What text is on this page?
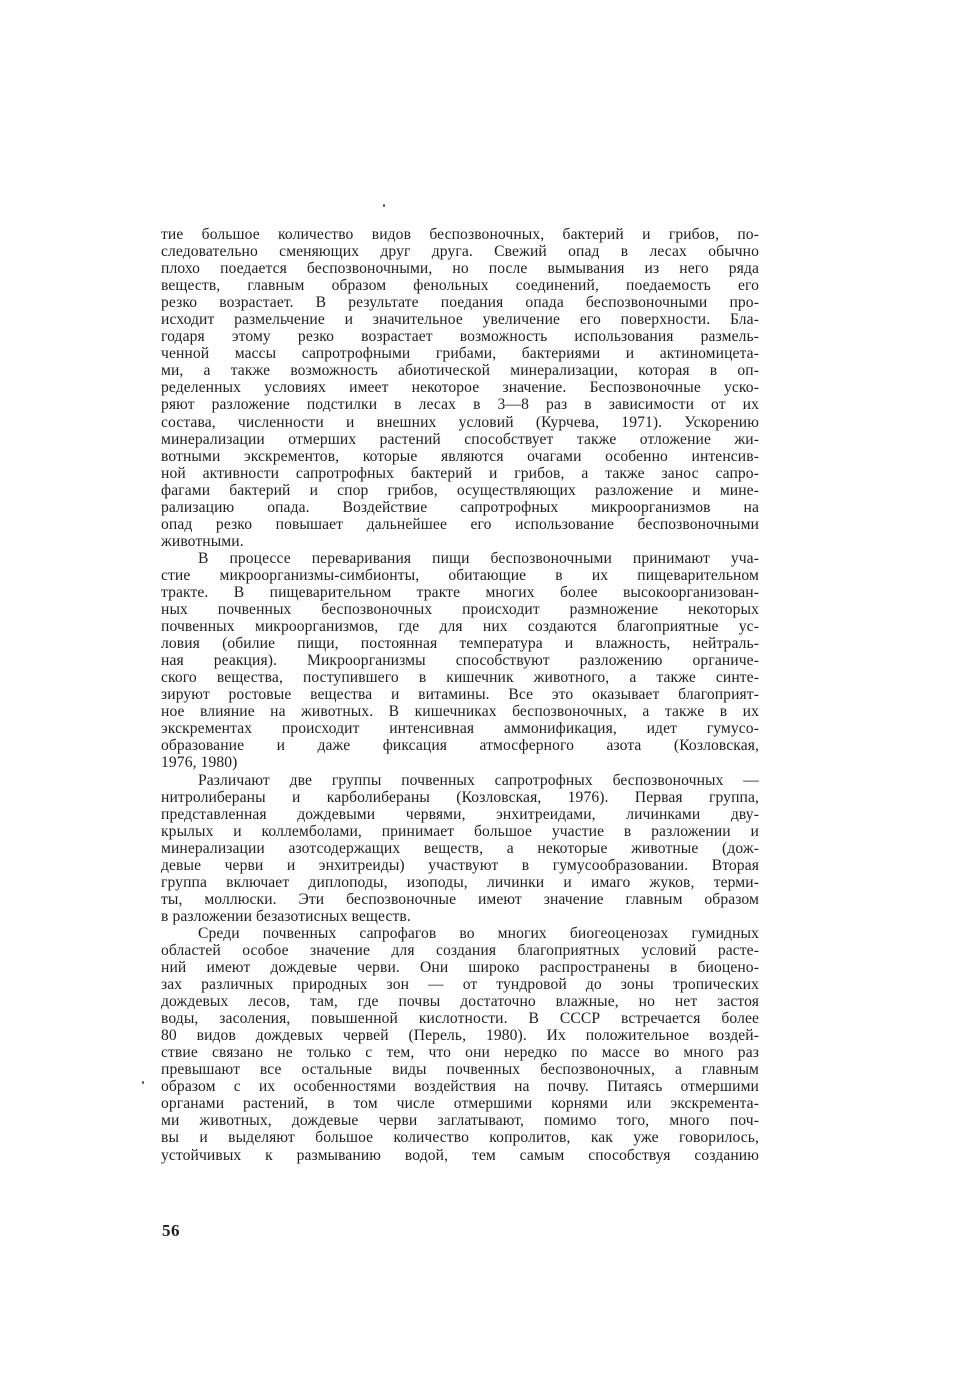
тие большое количество видов беспозвоночных, бактерий и грибов, по-
следовательно сменяющих друг друга. Свежий опад в лесах обычно
плохо поедается беспозвоночными, но после вымывания из него ряда
веществ, главным образом фенольных соединений, поедаемость его
резко возрастает. В результате поедания опада беспозвоночными про-
исходит размельчение и значительное увеличение его поверхности. Бла-
годаря этому резко возрастает возможность использования размель-
ченной массы сапротрофными грибами, бактериями и актиномицета-
ми, а также возможность абиотической минерализации, которая в оп-
ределенных условиях имеет некоторое значение. Беспозвоночные уско-
ряют разложение подстилки в лесах в 3—8 раз в зависимости от их
состава, численности и внешних условий (Курчева, 1971). Ускорению
минерализации отмерших растений способствует также отложение жи-
вотными экскрементов, которые являются очагами особенно интенсив-
ной активности сапротрофных бактерий и грибов, а также занос сапро-
фагами бактерий и спор грибов, осуществляющих разложение и мине-
рализацию опада. Воздействие сапротрофных микроорганизмов на
опад резко повышает дальнейшее его использование беспозвоночными
животными.
В процессе переваривания пищи беспозвоночными принимают уча-
стие микроорганизмы-симбионты, обитающие в их пищеварительном
тракте. В пищеварительном тракте многих более высокоорганизован-
ных почвенных беспозвоночных происходит размножение некоторых
почвенных микроорганизмов, где для них создаются благоприятные ус-
ловия (обилие пищи, постоянная температура и влажность, нейтраль-
ная реакция). Микроорганизмы способствуют разложению органиче-
ского вещества, поступившего в кишечник животного, а также синте-
зируют ростовые вещества и витамины. Все это оказывает благоприят-
ное влияние на животных. В кишечниках беспозвоночных, а также в их
экскрементах происходит интенсивная аммонификация, идет гумусо-
образование и даже фиксация атмосферного азота (Козловская,
1976, 1980)
Различают две группы почвенных сапротрофных беспозвоночных —
нитролибераны и карболибераны (Козловская, 1976). Первая группа,
представленная дождевыми червями, энхитреидами, личинками дву-
крылых и коллемболами, принимает большое участие в разложении и
минерализации азотсодержащих веществ, а некоторые животные (дож-
девые черви и энхитреиды) участвуют в гумусообразовании. Вторая
группа включает диплоподы, изоподы, личинки и имаго жуков, терми-
ты, моллюски. Эти беспозвоночные имеют значение главным образом
в разложении безазотисных веществ.
Среди почвенных сапрофагов во многих биогеоценозах гумидных
областей особое значение для создания благоприятных условий расте-
ний имеют дождевые черви. Они широко распространены в биоцено-
зах различных природных зон — от тундровой до зоны тропических
дождевых лесов, там, где почвы достаточно влажные, но нет застоя
воды, засоления, повышенной кислотности. В СССР встречается более
80 видов дождевых червей (Перель, 1980). Их положительное воздей-
ствие связано не только с тем, что они нередко по массе во много раз
превышают все остальные виды почвенных беспозвоночных, а главным
образом с их особенностями воздействия на почву. Питаясь отмершими
органами растений, в том числе отмершими корнями или экскремента-
ми животных, дождевые черви заглатывают, помимо того, много поч-
вы и выделяют большое количество копролитов, как уже говорилось,
устойчивых к размыванию водой, тем самым способствуя созданию
56
